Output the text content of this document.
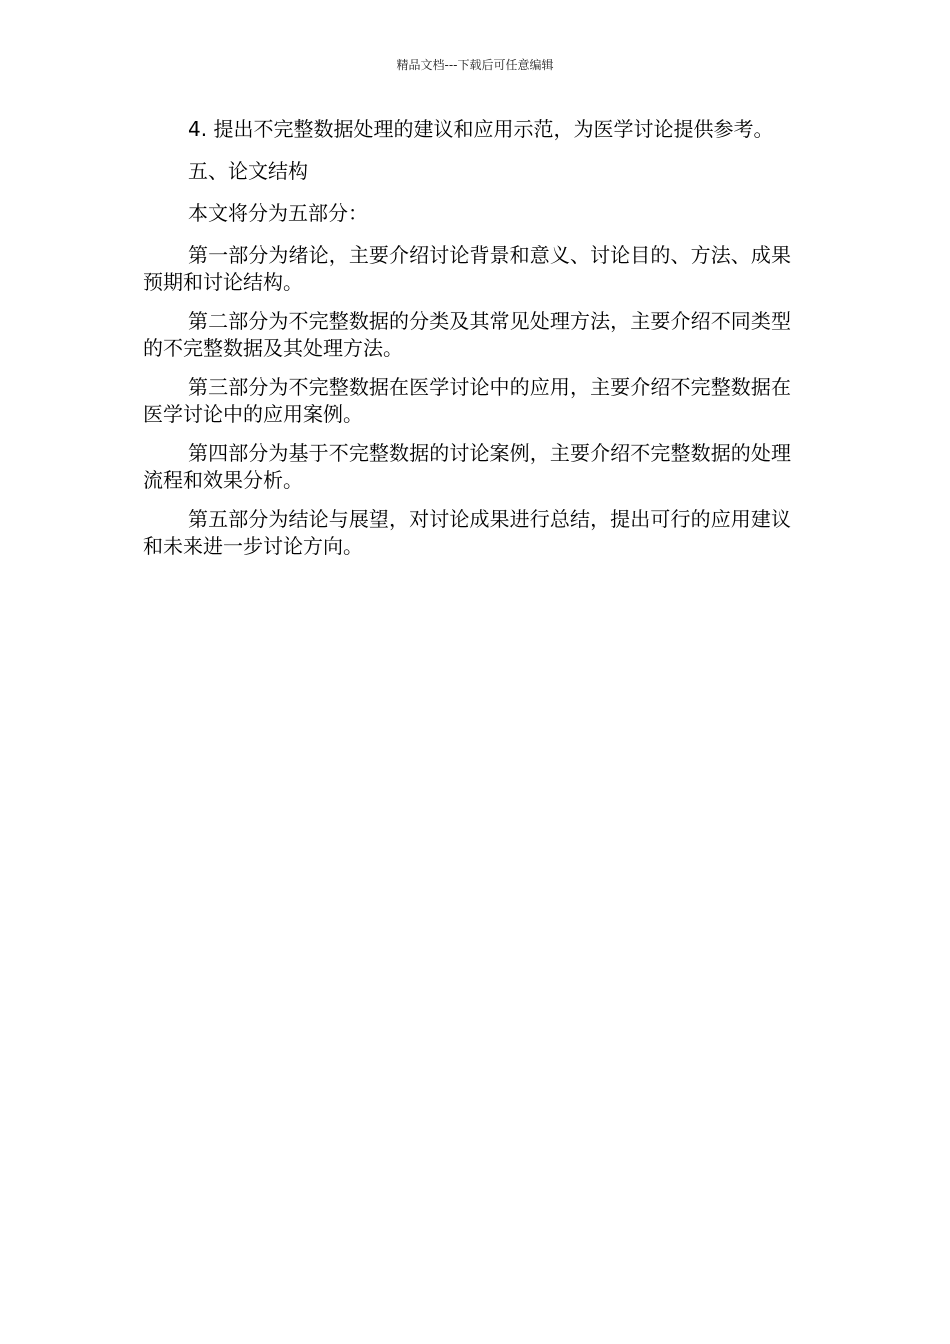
精品文档---下载后可任意编辑

4. 提出不完整数据处理的建议和应用示范，为医学讨论提供参考。

五、论文结构

本文将分为五部分：

第一部分为绪论，主要介绍讨论背景和意义、讨论目的、方法、成果预期和讨论结构。

第二部分为不完整数据的分类及其常见处理方法，主要介绍不同类型的不完整数据及其处理方法。

第三部分为不完整数据在医学讨论中的应用，主要介绍不完整数据在医学讨论中的应用案例。

第四部分为基于不完整数据的讨论案例，主要介绍不完整数据的处理流程和效果分析。

第五部分为结论与展望，对讨论成果进行总结，提出可行的应用建议和未来进一步讨论方向。
